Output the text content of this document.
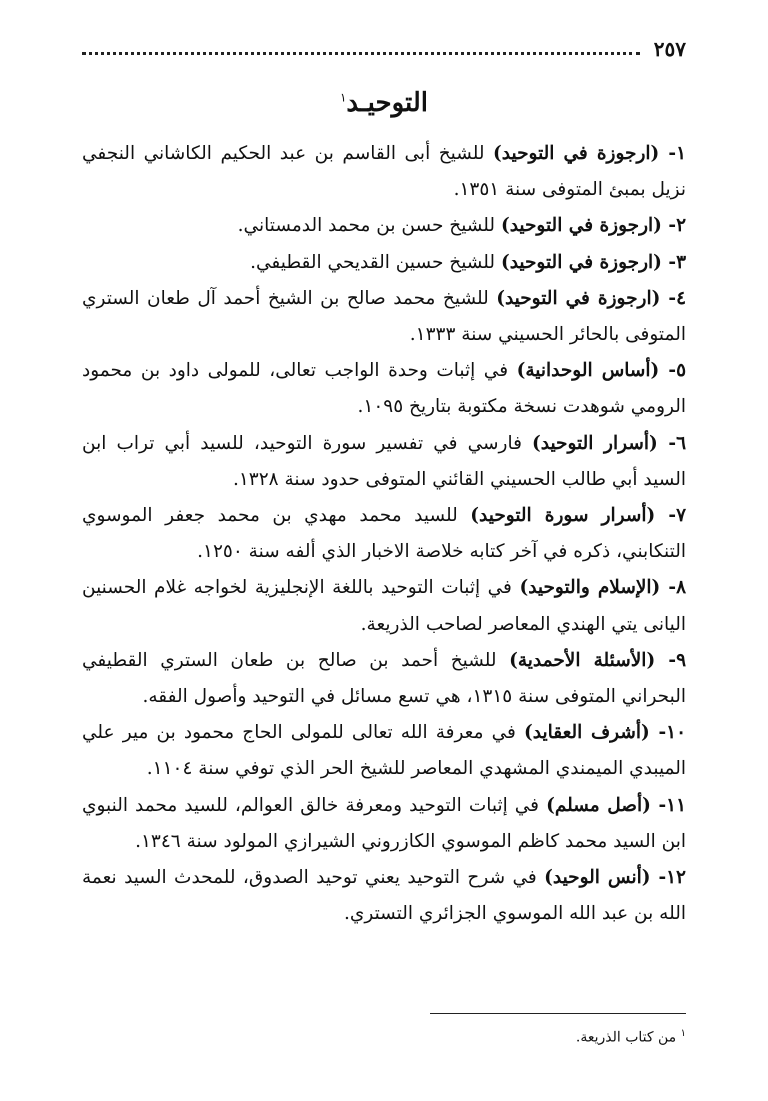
٢٥٧
التوحيـد$^١$

١- (ارجوزة في التوحيد) للشيخ أبى القاسم بن عبد الحكيم الكاشاني النجفي نزيل بمبئ المتوفى سنة ١٣٥١.

٢- (ارجوزة في التوحيد) للشيخ حسن بن محمد الدمستاني.

٣- (ارجوزة في التوحيد) للشيخ حسين القديحي القطيفي.

٤- (ارجوزة في التوحيد) للشيخ محمد صالح بن الشيخ أحمد آل طعان الستري المتوفى بالحائر الحسيني سنة ١٣٣٣.

٥- (أساس الوحدانية) في إثبات وحدة الواجب تعالى، للمولى داود بن محمود الرومي شوهدت نسخة مكتوبة بتاريخ ١٠٩٥.

٦- (أسرار التوحيد) فارسي في تفسير سورة التوحيد، للسيد أبي تراب ابن السيد أبي طالب الحسيني القائني المتوفى حدود سنة ١٣٢٨.

٧- (أسرار سورة التوحيد) للسيد محمد مهدي بن محمد جعفر الموسوي التنكابني، ذكره في آخر كتابه خلاصة الاخبار الذي ألفه سنة ١٢٥٠.

٨- (الإسلام والتوحيد) في إثبات التوحيد باللغة الإنجليزية لخواجه غلام الحسنين اليانى يتي الهندي المعاصر لصاحب الذريعة.

٩- (الأسئلة الأحمدية) للشيخ أحمد بن صالح بن طعان الستري القطيفي البحراني المتوفى سنة ١٣١٥، هي تسع مسائل في التوحيد وأصول الفقه.

١٠- (أشرف العقايد) في معرفة الله تعالى للمولى الحاج محمود بن مير علي الميبدي الميمندي المشهدي المعاصر للشيخ الحر الذي توفي سنة ١١٠٤.

١١- (أصل مسلم) في إثبات التوحيد ومعرفة خالق العوالم، للسيد محمد النبوي ابن السيد محمد كاظم الموسوي الكازروني الشيرازي المولود سنة ١٣٤٦.

١٢- (أنس الوحيد) في شرح التوحيد يعني توحيد الصدوق، للمحدث السيد نعمة الله بن عبد الله الموسوي الجزائري التستري.

$^١$ من كتاب الذريعة.
